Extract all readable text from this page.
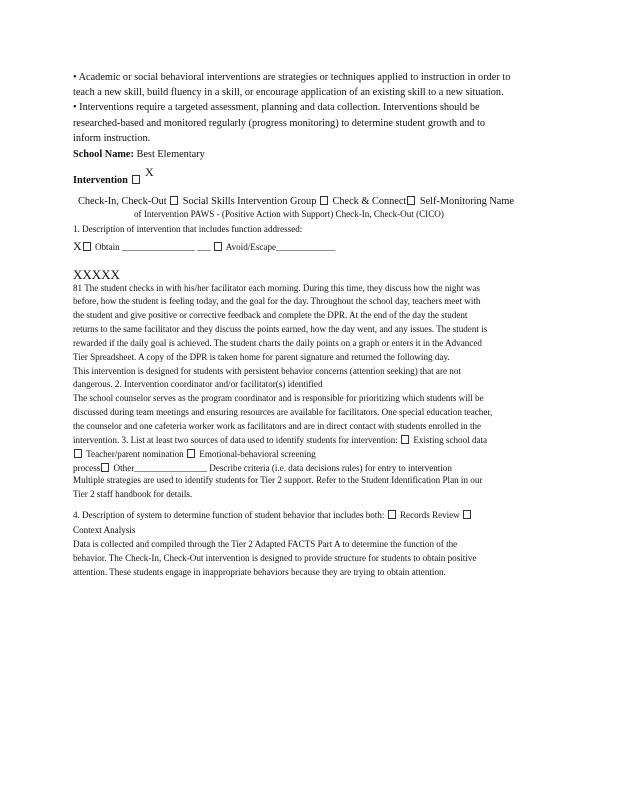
• Academic or social behavioral interventions are strategies or techniques applied to instruction in order to
teach a new skill, build fluency in a skill, or encourage application of an existing skill to a new situation.
• Interventions require a targeted assessment, planning and data collection. Interventions should be
researched-based and monitored regularly (progress monitoring) to determine student growth and to
inform instruction.
School Name: Best Elementary
Intervention
X
Check-In, Check-Out Social Skills Intervention Group Check & Connect Self-Monitoring Name
of Intervention PAWS - (Positive Action with Support) Check-In, Check-Out (CICO)
1. Description of intervention that includes function addressed:
X Obtain ________________ ___  Avoid/Escape_____________
XXXXX
81 The student checks in with his/her facilitator each morning. During this time, they discuss how the night was
before, how the student is feeling today, and the goal for the day. Throughout the school day, teachers meet with
the student and give positive or corrective feedback and complete the DPR. At the end of the day the student
returns to the same facilitator and they discuss the points earned, how the day went, and any issues. The student is
rewarded if the daily goal is achieved. The student charts the daily points on a graph or enters it in the Advanced
Tier Spreadsheet. A copy of the DPR is taken home for parent signature and returned the following day.
This intervention is designed for students with persistent behavior concerns (attention seeking) that are not
dangerous. 2. Intervention coordinator and/or facilitator(s) identified
The school counselor serves as the program coordinator and is responsible for prioritizing which students will be
discussed during team meetings and ensuring resources are available for facilitators. One special education teacher,
the counselor and one cafeteria worker work as facilitators and are in direct contact with students enrolled in the
intervention. 3. List at least two sources of data used to identify students for intervention:  Existing school data
Teacher/parent nomination  Emotional-behavioral screening
process Other________________ Describe criteria (i.e. data decisions rules) for entry to intervention
Multiple strategies are used to identify students for Tier 2 support. Refer to the Student Identification Plan in our
Tier 2 staff handbook for details.
4. Description of system to determine function of student behavior that includes both:  Records Review
Context Analysis
Data is collected and compiled through the Tier 2 Adapted FACTS Part A to determine the function of the
behavior. The Check-In, Check-Out intervention is designed to provide structure for students to obtain positive
attention. These students engage in inappropriate behaviors because they are trying to obtain attention.
